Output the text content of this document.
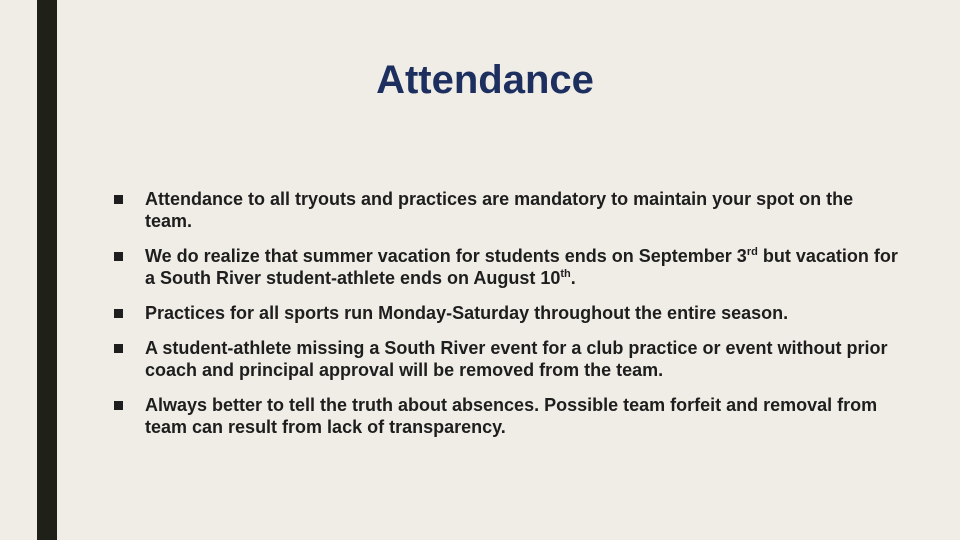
Attendance
Attendance to all tryouts and practices are mandatory to maintain your spot on the team.
We do realize that summer vacation for students ends on September 3rd but vacation for a South River student-athlete ends on August 10th.
Practices for all sports run Monday-Saturday throughout the entire season.
A student-athlete missing a South River event for a club practice or event without prior coach and principal approval will be removed from the team.
Always better to tell the truth about absences. Possible team forfeit and removal from team can result from lack of transparency.
